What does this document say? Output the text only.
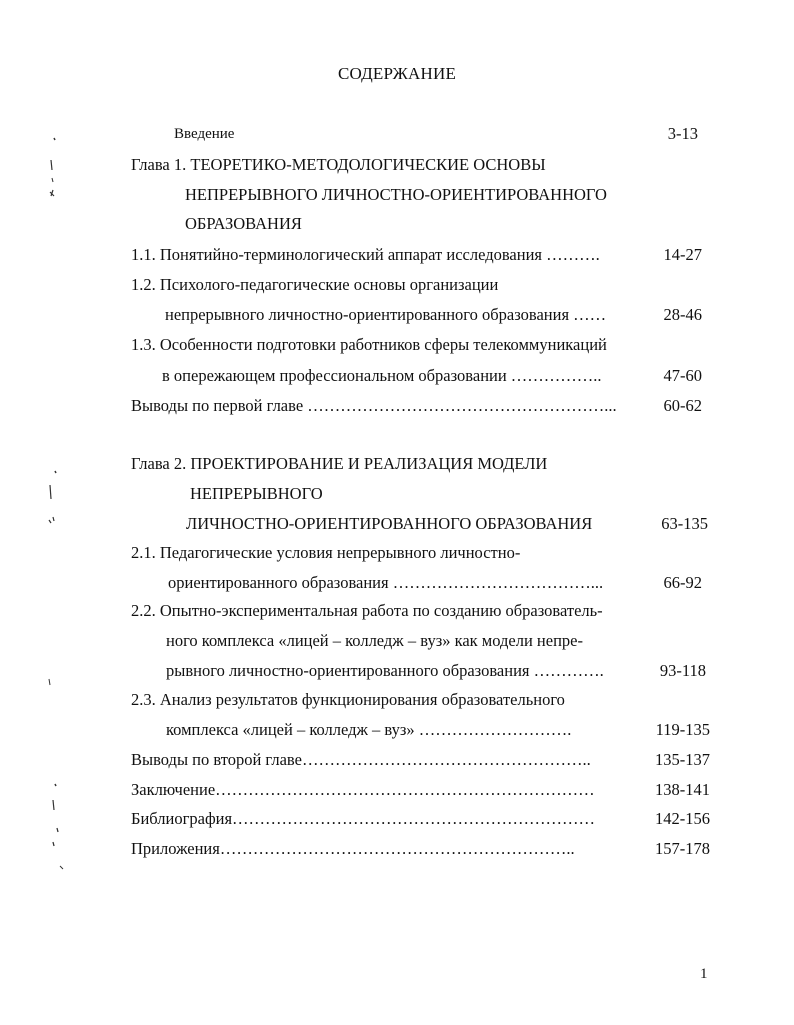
СОДЕРЖАНИЕ
Введение	3-13
Глава 1. ТЕОРЕТИКО-МЕТОДОЛОГИЧЕСКИЕ ОСНОВЫ
НЕПРЕРЫВНОГО ЛИЧНОСТНО-ОРИЕНТИРОВАННОГО
ОБРАЗОВАНИЯ
1.1. Понятийно-терминологический аппарат исследования ……….	14-27
1.2. Психолого-педагогические основы организации
непрерывного личностно-ориентированного образования ……	28-46
1.3. Особенности подготовки работников сферы телекоммуникаций
в опережающем профессиональном образовании ……………..	47-60
Выводы по первой главе ………………………………………………...	60-62
Глава 2. ПРОЕКТИРОВАНИЕ И РЕАЛИЗАЦИЯ МОДЕЛИ
НЕПРЕРЫВНОГО
ЛИЧНОСТНО-ОРИЕНТИРОВАННОГО ОБРАЗОВАНИЯ	63-135
2.1. Педагогические условия непрерывного личностно-
ориентированного образования ………………………………...	66-92
2.2. Опытно-экспериментальная работа по созданию образователь-
ного комплекса «лицей – колледж – вуз» как модели непре-
рывного личностно-ориентированного образования ………….	93-118
2.3. Анализ результатов функционирования образовательного
комплекса «лицей – колледж – вуз» ……………………….	119-135
Выводы по второй главе……………………………………………..	135-137
Заключение……………………………………………………………	138-141
Библиография…………………………………………………………	142-156
Приложения………………………………………………………..	157-178
1
